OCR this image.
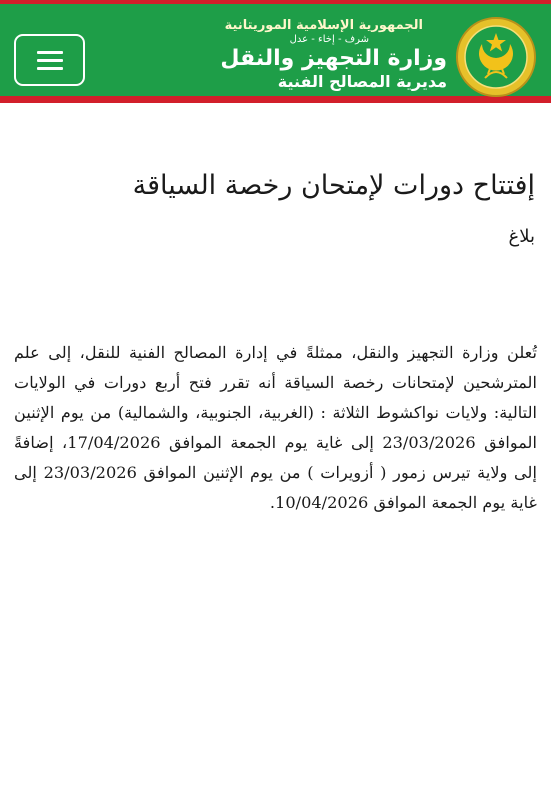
الجمهورية الإسلامية الموريتانية
شرف - إخاء - عدل
وزارة التجهيز والنقل
مديرية المصالح الفنية
إفتتاح دورات لإمتحان رخصة السياقة
بلاغ

تُعلن وزارة التجهيز والنقل، ممثلةً في إدارة المصالح الفنية للنقل، إلى علم المترشحين لإمتحانات رخصة السياقة أنه تقرر فتح أربع دورات في الولايات التالية: ولايات نواكشوط الثلاثة : (الغربية، الجنوبية، والشمالية) من يوم الإثنين الموافق 23/03/2026 إلى غاية يوم الجمعة الموافق 17/04/2026، إضافةً إلى ولاية تيرس زمور ( أزويرات ) من يوم الإثنين الموافق 23/03/2026 إلى غاية يوم الجمعة الموافق 10/04/2026.
